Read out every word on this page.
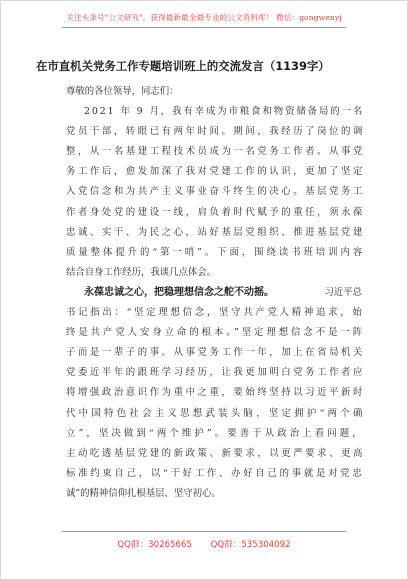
关注头条号"公文研究"，获得最新最全最专业的公文资料库！ 微信：gongwenyj
在市直机关党务工作专题培训班上的交流发言（1139字）
尊敬的各位领导，同志们：
2021 年 9 月，我有幸成为市粮食和物资储备局的一名
党员干部，转眼已有两年时间。期间，我经历了岗位的调
整，从一名基建工程技术员成为一名党务工作者。从事党
务工作后，愈发加深了我对党建工作的认识，更加了坚定
入党信念和为共产主义事业奋斗终生的决心。基层党务工
作者身处党的建设一线，肩负着时代赋予的重任，须永葆
忠诚、实干、为民之心，站好基层党组织、推进基层党建
质量整体提升的“第一哨”。下面，围绕读书班培训内容
结合自身工作经历，我谈几点体会。
永葆忠诚之心，把稳理想信念之舵不动摇。	习近平总
书记指出：“坚定理想信念，坚守共产党人精神追求，始
终是共产党人安身立命的根本。”坚定理想信念不是一阵
子而是一辈子的事。从事党务工作一年，加上在省局机关
党委近半年的跟班学习经历，让我更加明白党务工作者应
将增强政治意识作为重中之重，要始终坚持以习近平新时
代中国特色社会主义思想武装头脑，坚定拥护“两个确
立”，坚决做到“两个维护”。要善于从政治上看问题，
主动吃透基层党建的新政策、新要求，以更严要求、更高
标准约束自己，以“干好工作、办好自己的事就是对党忠
诚”的精神信仰扎根基层、坚守初心。
QQ群：30265665 QQ群：535304092
